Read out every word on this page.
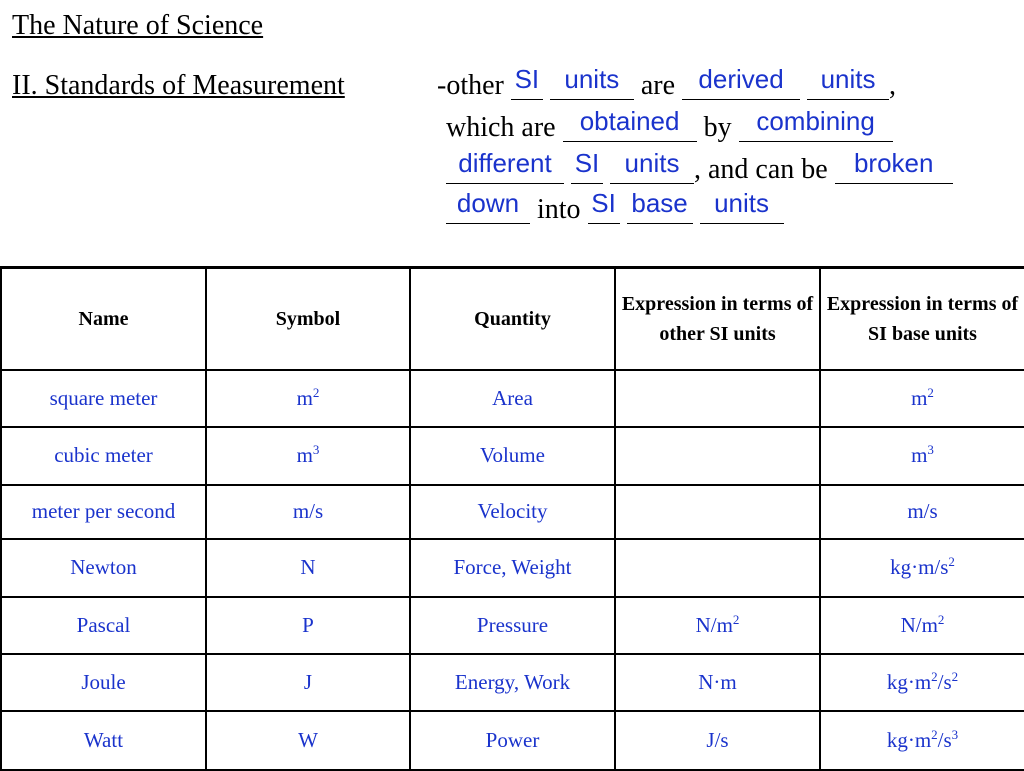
The Nature of Science
II. Standards of Measurement	-other SI units are derived units ,
which are obtained by combining
different SI units , and can be broken
down into SI base units
Name	Symbol	Quantity	Expression in terms of other SI units	Expression in terms of SI base units
square meter	$m^2$	Area		$m^2$
cubic meter	$m^3$	Volume		$m^3$
meter per second	m/s	Velocity		m/s
Newton	N	Force, Weight		$kg\cdot m/s^2$
Pascal	P	Pressure	$N/m^2$	$N/m^2$
Joule	J	Energy, Work	N·m	$kg\cdot m^2/s^2$
Watt	W	Power	J/s	$kg\cdot m^2/s^3$
